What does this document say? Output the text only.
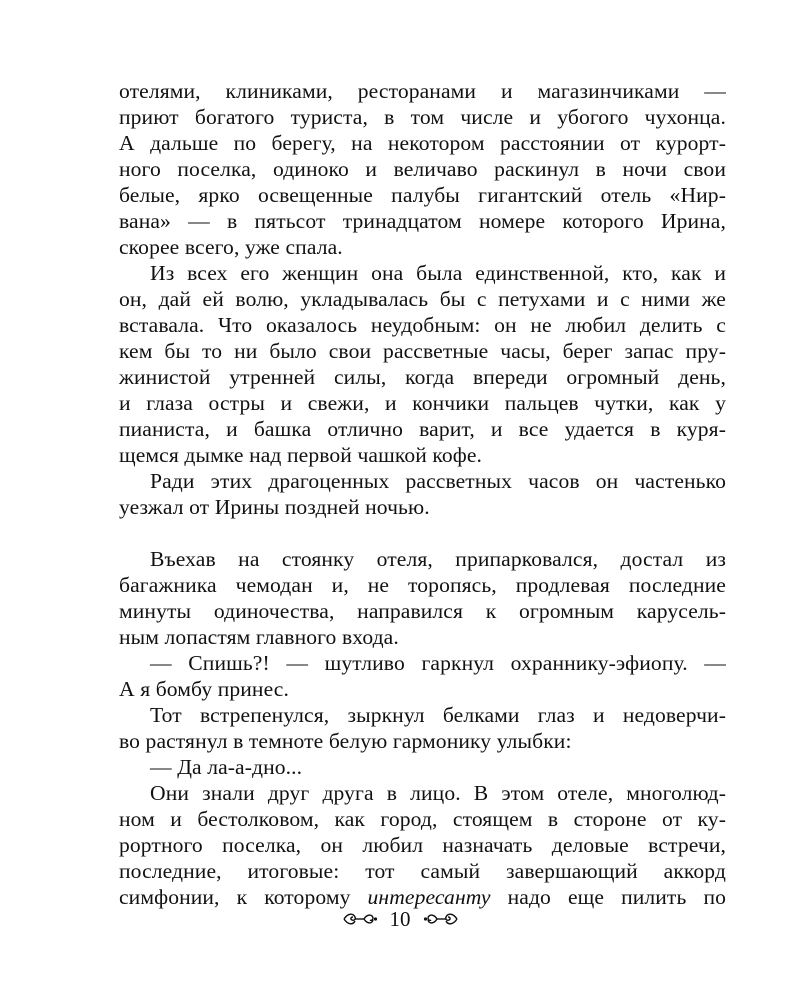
отелями, клиниками, ресторанами и магазинчиками —
приют богатого туриста, в том числе и убогого чухонца.
А дальше по берегу, на некотором расстоянии от курорт-
ного поселка, одиноко и величаво раскинул в ночи свои
белые, ярко освещенные палубы гигантский отель «Нир-
вана» — в пятьсот тринадцатом номере которого Ирина,
скорее всего, уже спала.
Из всех его женщин она была единственной, кто, как и
он, дай ей волю, укладывалась бы с петухами и с ними же
вставала. Что оказалось неудобным: он не любил делить с
кем бы то ни было свои рассветные часы, берег запас пру-
жинистой утренней силы, когда впереди огромный день,
и глаза остры и свежи, и кончики пальцев чутки, как у
пианиста, и башка отлично варит, и все удается в куря-
щемся дымке над первой чашкой кофе.
Ради этих драгоценных рассветных часов он частенько
уезжал от Ирины поздней ночью.
Въехав на стоянку отеля, припарковался, достал из
багажника чемодан и, не торопясь, продлевая последние
минуты одиночества, направился к огромным карусель-
ным лопастям главного входа.
— Спишь?! — шутливо гаркнул охраннику-эфиопу. —
А я бомбу принес.
Тот встрепенулся, зыркнул белками глаз и недоверчи-
во растянул в темноте белую гармонику улыбки:
— Да ла-а-дно...
Они знали друг друга в лицо. В этом отеле, многолюд-
ном и бестолковом, как город, стоящем в стороне от ку-
рортного поселка, он любил назначать деловые встречи,
последние, итоговые: тот самый завершающий аккорд
симфонии, к которому интересанту надо еще пилить по
10
